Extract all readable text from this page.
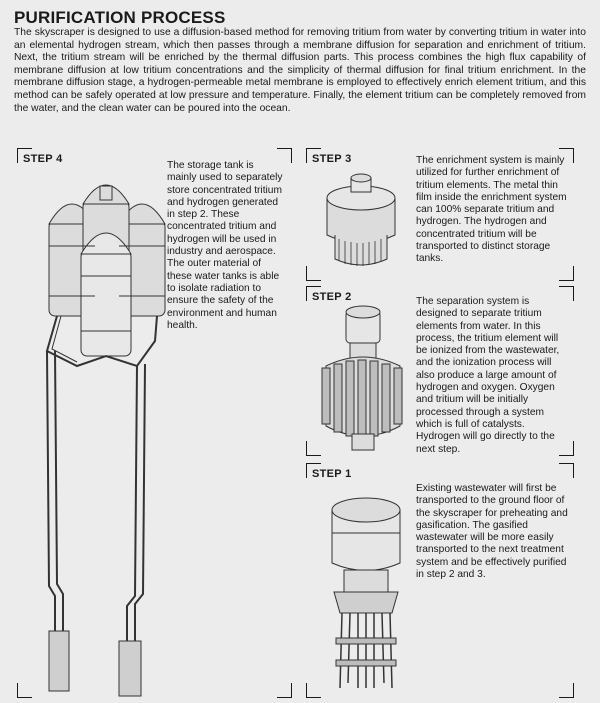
PURIFICATION PROCESS

The skyscraper is designed to use a diffusion-based method for removing tritium from water by converting tritium in water into an elemental hydrogen stream, which then passes through a membrane diffusion for separation and enrichment of tritium. Next, the tritium stream will be enriched by the thermal diffusion parts. This process combines the high flux capability of membrane diffusion at low tritium concentrations and the simplicity of thermal diffusion for final tritium enrichment. In the membrane diffusion stage, a hydrogen-permeable metal membrane is employed to effectively enrich element tritium, and this method can be safely operated at low pressure and temperature. Finally, the element tritium can be completely removed from the water, and the clean water can be poured into the ocean.

STEP 4

The storage tank is mainly used to separately store concentrated tritium and hydrogen generated in step 2. These concentrated tritium and hydrogen will be used in industry and aerospace. The outer material of these water tanks is able to isolate radiation to ensure the safety of the environment and human health.

STEP 3	The enrichment system is mainly utilized for further enrichment of tritium elements. The metal thin film inside the enrichment system can 100% separate tritium and hydrogen. The hydrogen and concentrated tritium will be transported to distinct storage tanks.

STEP 2	The separation system is designed to separate tritium elements from water. In this process, the tritium element will be ionized from the wastewater, and the ionization process will also produce a large amount of hydrogen and oxygen. Oxygen and tritium will be initially processed through a system which is full of catalysts. Hydrogen will go directly to the next step.

STEP 1

Existing wastewater will first be transported to the ground floor of the skyscraper for preheating and gasification. The gasified wastewater will be more easily transported to the next treatment system and be effectively purified in step 2 and 3.
